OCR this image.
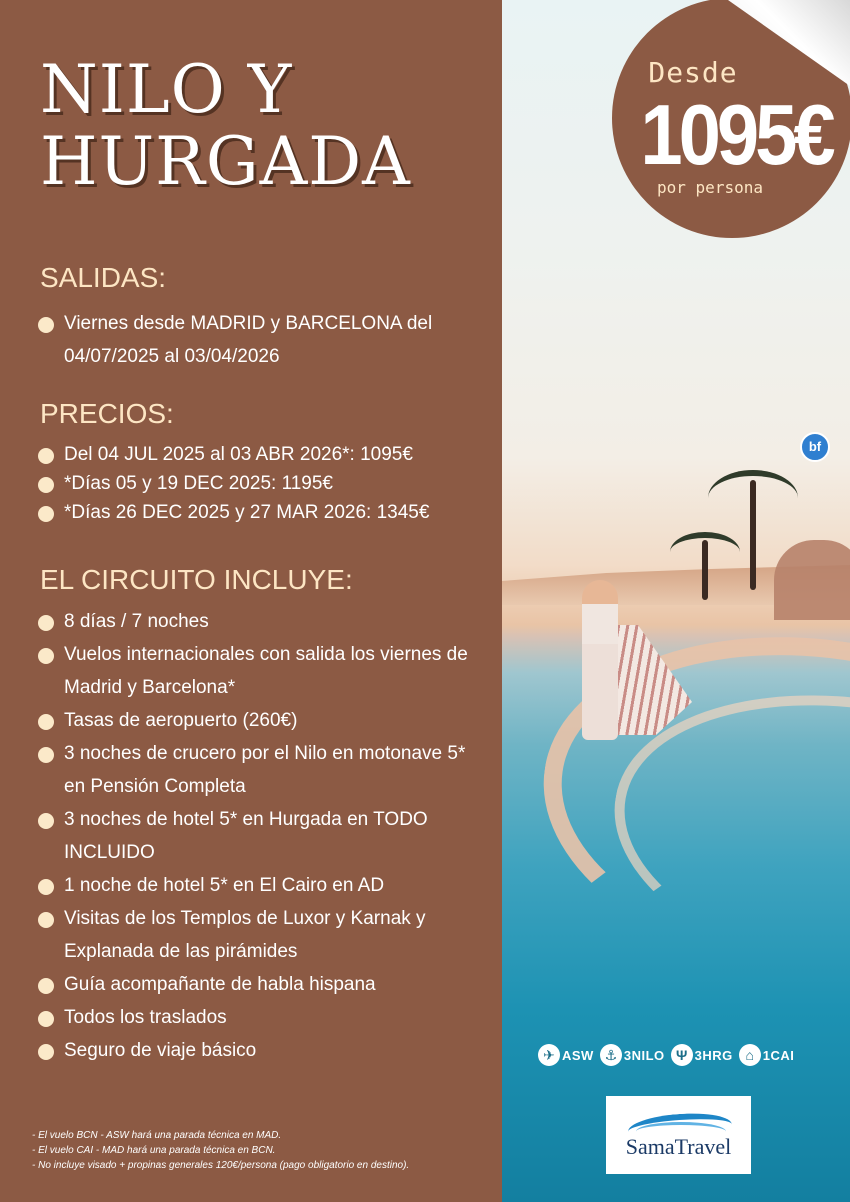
NILO Y
HURGADA
SALIDAS:
Viernes desde MADRID y BARCELONA del 04/07/2025 al 03/04/2026
PRECIOS:
Del 04 JUL 2025 al 03 ABR 2026*: 1095€
*Días 05 y 19 DEC 2025: 1195€
*Días 26 DEC 2025 y 27 MAR 2026: 1345€
EL CIRCUITO INCLUYE:
8 días / 7 noches
Vuelos internacionales con salida los viernes de Madrid y Barcelona*
Tasas de aeropuerto (260€)
3 noches de crucero por el Nilo en motonave 5* en Pensión Completa
3 noches de hotel 5* en Hurgada en TODO INCLUIDO
1 noche de hotel 5* en El Cairo en AD
Visitas de los Templos de Luxor y Karnak y Explanada de las pirámides
Guía acompañante de habla hispana
Todos los traslados
Seguro de viaje básico
- El vuelo BCN - ASW hará una parada técnica en MAD.
- El vuelo CAI - MAD hará una parada técnica en BCN.
- No incluye visado + propinas generales 120€/persona (pago obligatorio en destino).
Desde
1095€
por persona
bf
✈ ASW ⚓ 3NILO Ψ 3HRG ⌂ 1CAI
SamaTravel
